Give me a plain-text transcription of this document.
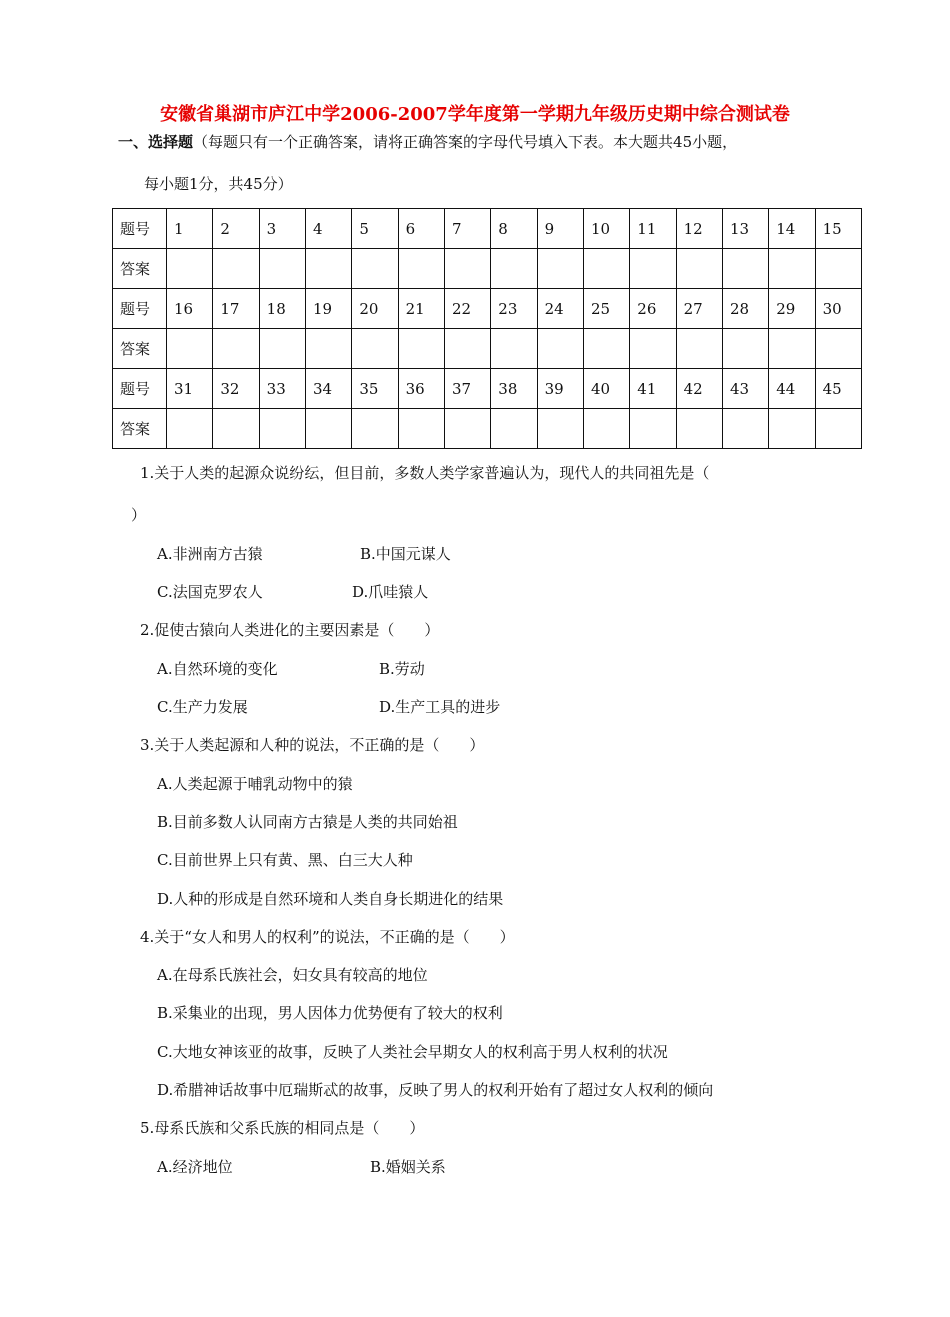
安徽省巢湖市庐江中学2006-2007学年度第一学期九年级历史期中综合测试卷
一、选择题（每题只有一个正确答案，请将正确答案的字母代号填入下表。本大题共45小题，
每小题1分，共45分）
题号	1	2	3	4	5	6	7	8	9	10	11	12	13	14	15
答案															
题号	16	17	18	19	20	21	22	23	24	25	26	27	28	29	30
答案															
题号	31	32	33	34	35	36	37	38	39	40	41	42	43	44	45
答案															
1.关于人类的起源众说纷纭，但目前，多数人类学家普遍认为，现代人的共同祖先是（
）
A.非洲南方古猿	B.中国元谋人
C.法国克罗农人	D.爪哇猿人
2.促使古猿向人类进化的主要因素是（　　）
A.自然环境的变化	B.劳动
C.生产力发展	D.生产工具的进步
3.关于人类起源和人种的说法，不正确的是（　　）
A.人类起源于哺乳动物中的猿
B.目前多数人认同南方古猿是人类的共同始祖
C.目前世界上只有黄、黑、白三大人种
D.人种的形成是自然环境和人类自身长期进化的结果
4.关于“女人和男人的权利”的说法，不正确的是（　　）
A.在母系氏族社会，妇女具有较高的地位
B.采集业的出现，男人因体力优势便有了较大的权利
C.大地女神该亚的故事，反映了人类社会早期女人的权利高于男人权利的状况
D.希腊神话故事中厄瑞斯忒的故事，反映了男人的权利开始有了超过女人权利的倾向
5.母系氏族和父系氏族的相同点是（　　）
A.经济地位	B.婚姻关系
